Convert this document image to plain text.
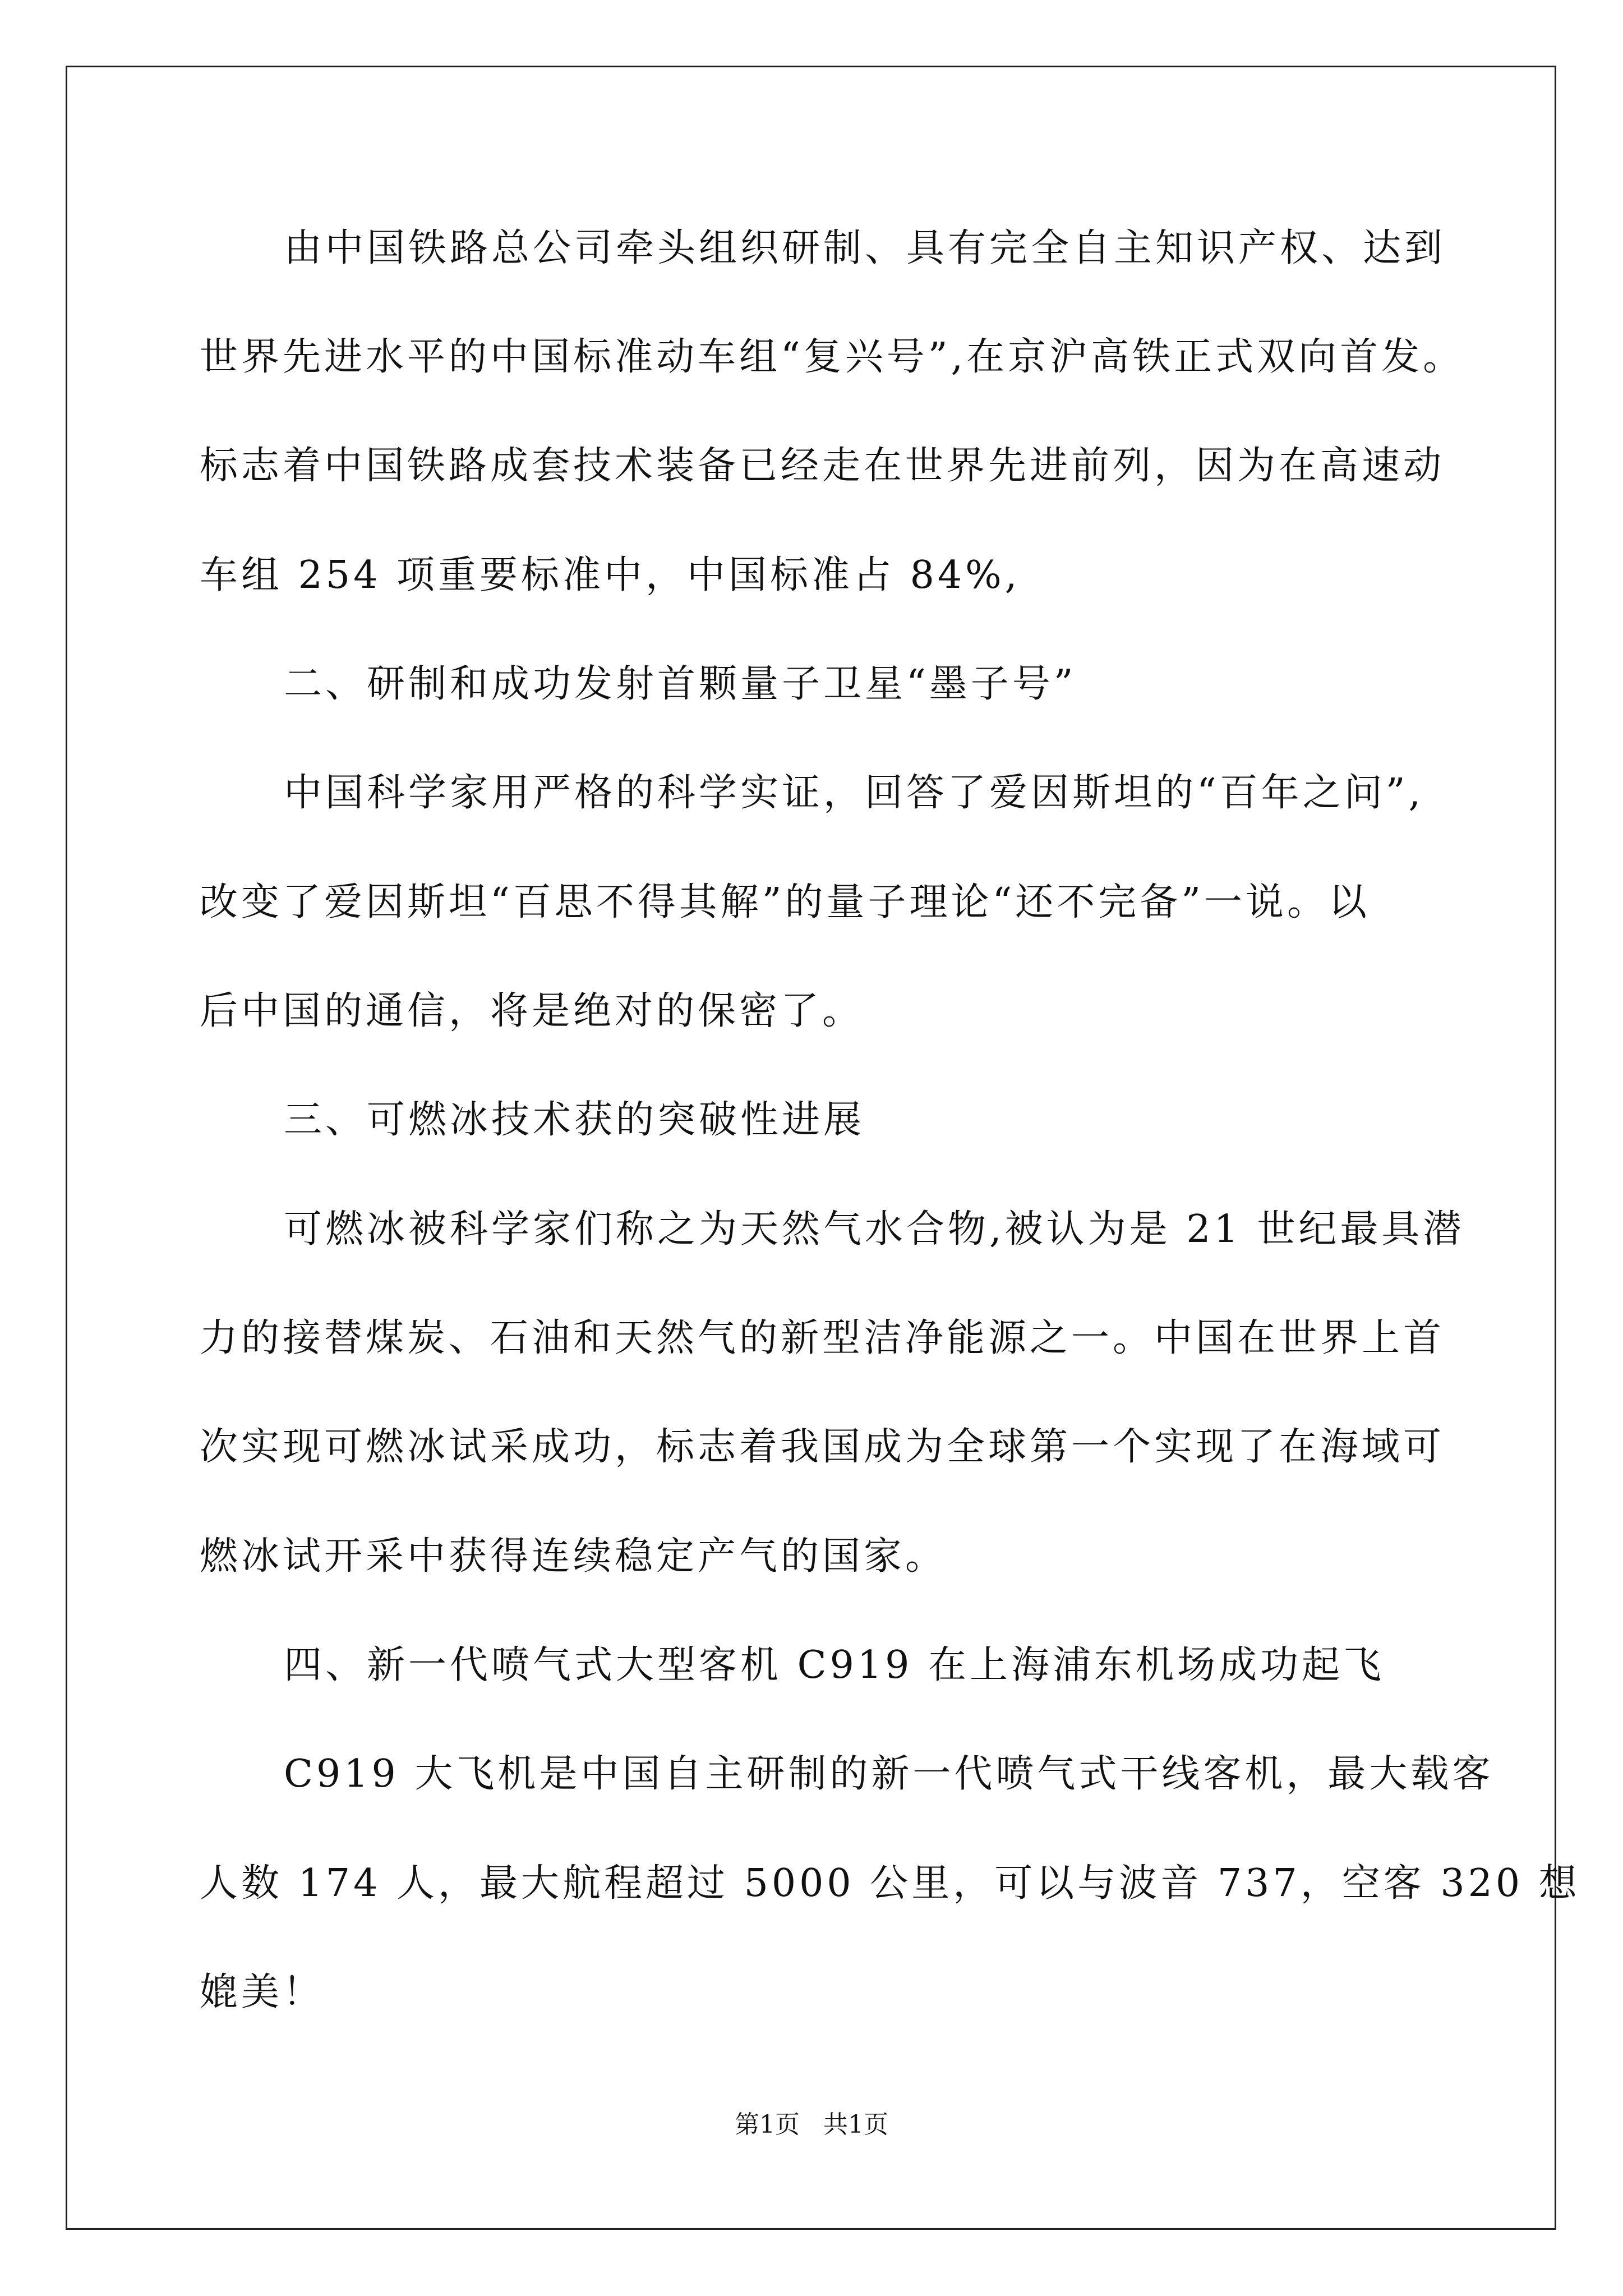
由中国铁路总公司牵头组织研制、具有完全自主知识产权、达到
世界先进水平的中国标准动车组“复兴号”,在京沪高铁正式双向首发。
标志着中国铁路成套技术装备已经走在世界先进前列，因为在高速动
车组 254 项重要标准中，中国标准占 84%,
二、研制和成功发射首颗量子卫星“墨子号”
中国科学家用严格的科学实证，回答了爱因斯坦的“百年之问”,
改变了爱因斯坦“百思不得其解”的量子理论“还不完备”一说。以
后中国的通信，将是绝对的保密了。
三、可燃冰技术获的突破性进展
可燃冰被科学家们称之为天然气水合物,被认为是 21 世纪最具潜
力的接替煤炭、石油和天然气的新型洁净能源之一。中国在世界上首
次实现可燃冰试采成功，标志着我国成为全球第一个实现了在海域可
燃冰试开采中获得连续稳定产气的国家。
四、新一代喷气式大型客机 C919 在上海浦东机场成功起飞
C919 大飞机是中国自主研制的新一代喷气式干线客机，最大载客
人数 174 人，最大航程超过 5000 公里，可以与波音 737，空客 320 想
媲美！
第1页   共1页
